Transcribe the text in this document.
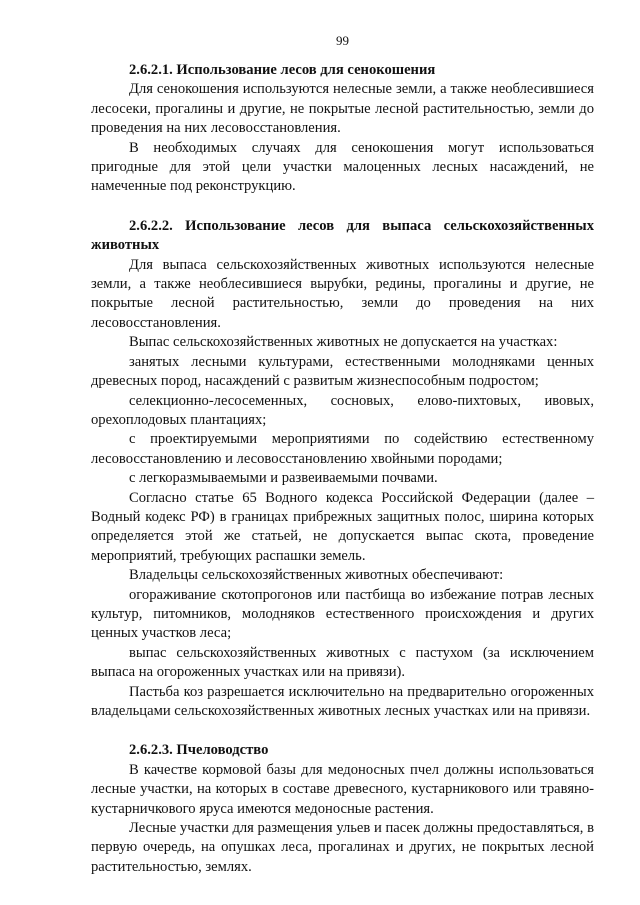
99

2.6.2.1. Использование лесов для сенокошения

Для сенокошения используются нелесные земли, а также необлесившиеся лесосеки, прогалины и другие, не покрытые лесной растительностью, земли до проведения на них лесовосстановления.

В необходимых случаях для сенокошения могут использоваться пригодные для этой цели участки малоценных лесных насаждений, не намеченные под реконструкцию.

2.6.2.2. Использование лесов для выпаса сельскохозяйственных животных

Для выпаса сельскохозяйственных животных используются нелесные земли, а также необлесившиеся вырубки, редины, прогалины и другие, не покрытые лесной растительностью, земли до проведения на них лесовосстановления.

Выпас сельскохозяйственных животных не допускается на участках:

занятых лесными культурами, естественными молодняками ценных древесных пород, насаждений с развитым жизнеспособным подростом;

селекционно-лесосеменных, сосновых, елово-пихтовых, ивовых, орехоплодовых плантациях;

с проектируемыми мероприятиями по содействию естественному лесовосстановлению и лесовосстановлению хвойными породами;

с легкоразмываемыми и развеиваемыми почвами.

Согласно статье 65 Водного кодекса Российской Федерации (далее – Водный кодекс РФ) в границах прибрежных защитных полос, ширина которых определяется этой же статьей, не допускается выпас скота, проведение мероприятий, требующих распашки земель.

Владельцы сельскохозяйственных животных обеспечивают:

огораживание скотопрогонов или пастбища во избежание потрав лесных культур, питомников, молодняков естественного происхождения и других ценных участков леса;

выпас сельскохозяйственных животных с пастухом (за исключением выпаса на огороженных участках или на привязи).

Пастьба коз разрешается исключительно на предварительно огороженных владельцами сельскохозяйственных животных лесных участках или на привязи.

2.6.2.3. Пчеловодство

В качестве кормовой базы для медоносных пчел должны использоваться лесные участки, на которых в составе древесного, кустарникового или травяно-кустарничкового яруса имеются медоносные растения.

Лесные участки для размещения ульев и пасек должны предоставляться, в первую очередь, на опушках леса, прогалинах и других, не покрытых лесной растительностью, землях.
